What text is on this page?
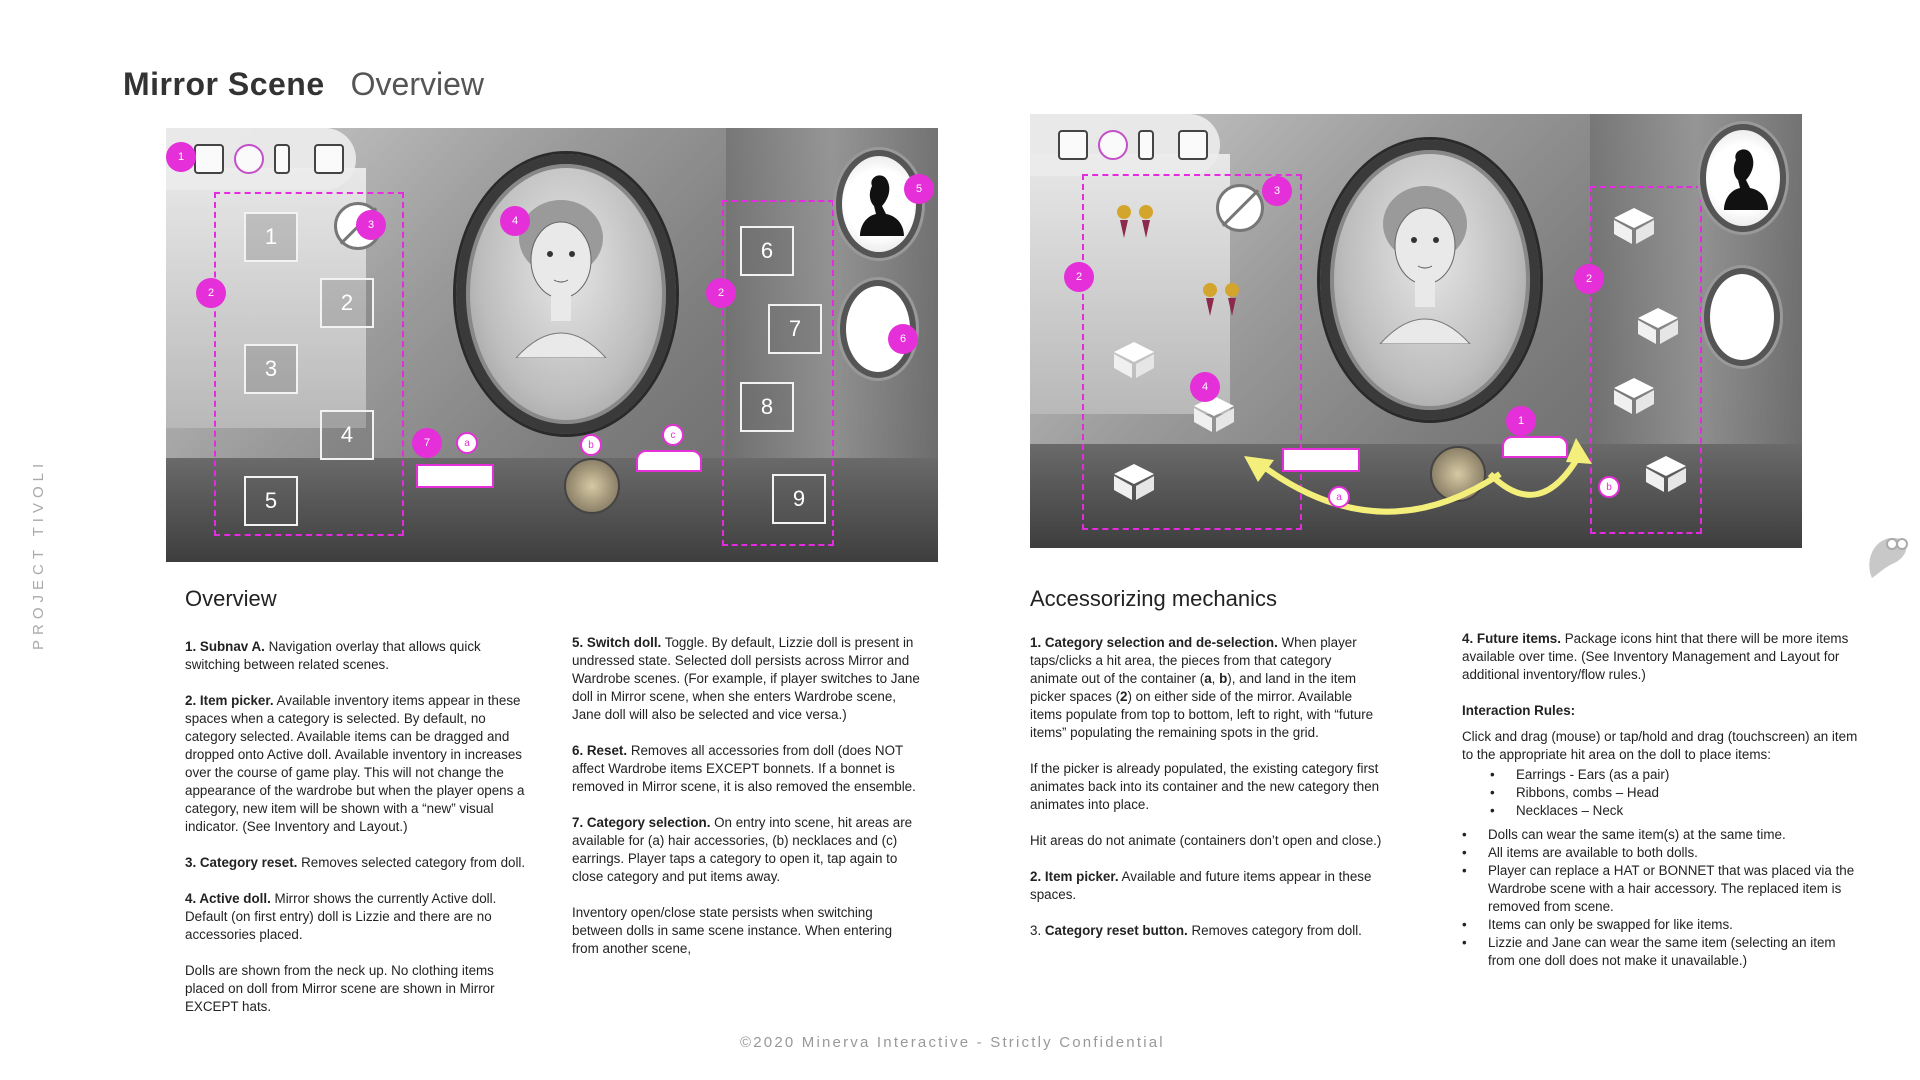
Mirror Scene Overview
PROJECT TIVOLI
1
2
3
4
5
6
7
8
9
1
2
3	4
5
6
2
7	a	b
c
3
2
4
1
2
a
b
Overview

1. Subnav A. Navigation overlay that allows quick switching between related scenes.

2. Item picker. Available inventory items appear in these spaces when a category is selected. By default, no category selected. Available items can be dragged and dropped onto Active doll. Available inventory in increases over the course of game play. This will not change the appearance of the wardrobe but when the player opens a category, new item will be shown with a “new” visual indicator. (See Inventory and Layout.)

3. Category reset. Removes selected category from doll.

4. Active doll. Mirror shows the currently Active doll. Default (on first entry) doll is Lizzie and there are no accessories placed.

Dolls are shown from the neck up. No clothing items placed on doll from Mirror scene are shown in Mirror EXCEPT hats.

5. Switch doll. Toggle. By default, Lizzie doll is present in undressed state. Selected doll persists across Mirror and Wardrobe scenes. (For example, if player switches to Jane doll in Mirror scene, when she enters Wardrobe scene, Jane doll will also be selected and vice versa.)

6. Reset. Removes all accessories from doll (does NOT affect Wardrobe items EXCEPT bonnets. If a bonnet is removed in Mirror scene, it is also removed the ensemble.

7. Category selection. On entry into scene, hit areas are available for (a) hair accessories, (b) necklaces and (c) earrings. Player taps a category to open it, tap again to close category and put items away.

Inventory open/close state persists when switching between dolls in same scene instance. When entering from another scene,

Accessorizing mechanics

1. Category selection and de-selection. When player taps/clicks a hit area, the pieces from that category animate out of the container (a, b), and land in the item picker spaces (2) on either side of the mirror. Available items populate from top to bottom, left to right, with “future items” populating the remaining spots in the grid.

If the picker is already populated, the existing category first animates back into its container and the new category then animates into place.

Hit areas do not animate (containers don’t open and close.)

2. Item picker. Available and future items appear in these spaces.

3. Category reset button. Removes category from doll.

4. Future items. Package icons hint that there will be more items available over time. (See Inventory Management and Layout for additional inventory/flow rules.)

Interaction Rules:

Click and drag (mouse) or tap/hold and drag (touchscreen) an item to the appropriate hit area on the doll to place items:

• Earrings - Ears (as a pair)
• Ribbons, combs – Head
• Necklaces – Neck
• Dolls can wear the same item(s) at the same time.
• All items are available to both dolls.
• Player can replace a HAT or BONNET that was placed via the Wardrobe scene with a hair accessory. The replaced item is removed from scene.
• Items can only be swapped for like items.
• Lizzie and Jane can wear the same item (selecting an item from one doll does not make it unavailable.)
©2020 Minerva Interactive - Strictly Confidential
